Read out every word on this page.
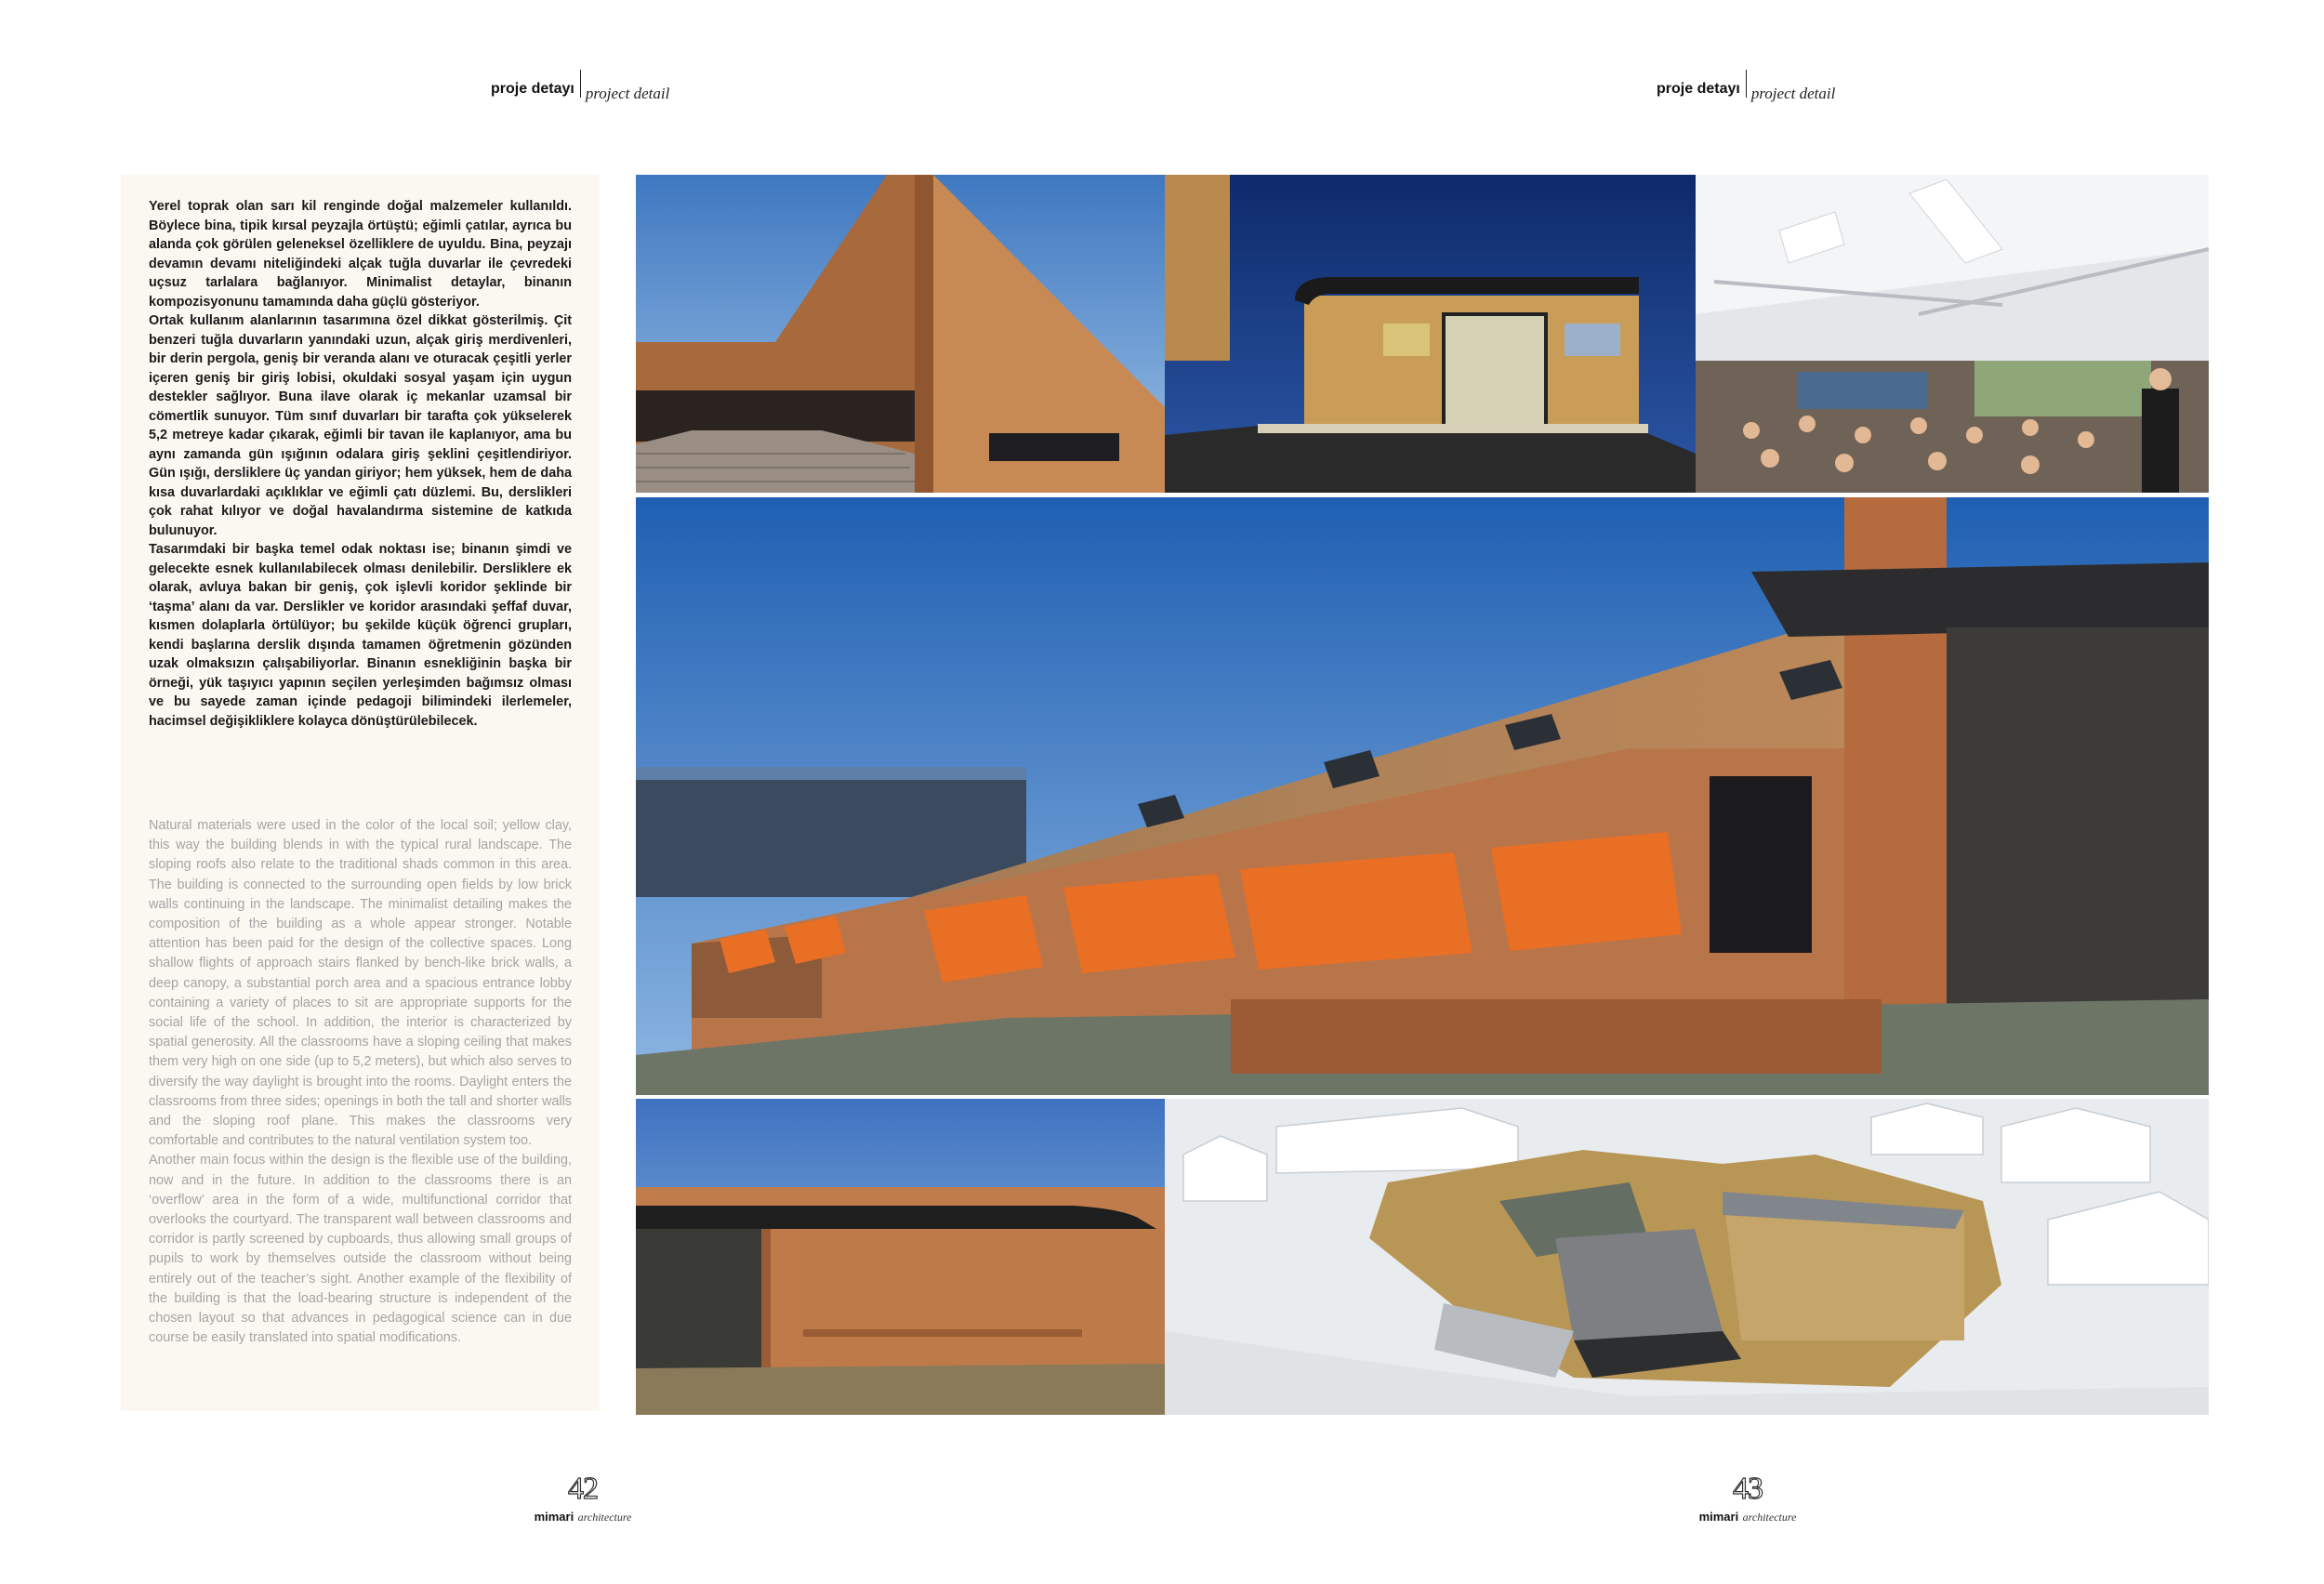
proje detayı project detail	proje detayı project detail

Yerel toprak olan sarı kil renginde doğal malzemeler kullanıldı. Böylece bina, tipik kırsal peyzajla örtüştü; eğimli çatılar, ayrıca bu alanda çok görülen geleneksel özelliklere de uyuldu. Bina, peyzajı devamın devamı niteliğindeki alçak tuğla duvarlar ile çevredeki uçsuz tarlalara bağlanıyor. Minimalist detaylar, binanın kompozisyonunu tamamında daha güçlü gösteriyor.

Ortak kullanım alanlarının tasarımına özel dikkat gösterilmiş. Çit benzeri tuğla duvarların yanındaki uzun, alçak giriş merdivenleri, bir derin pergola, geniş bir veranda alanı ve oturacak çeşitli yerler içeren geniş bir giriş lobisi, okuldaki sosyal yaşam için uygun destekler sağlıyor. Buna ilave olarak iç mekanlar uzamsal bir cömertlik sunuyor. Tüm sınıf duvarları bir tarafta çok yükselerek 5,2 metreye kadar çıkarak, eğimli bir tavan ile kaplanıyor, ama bu aynı zamanda gün ışığının odalara giriş şeklini çeşitlendiriyor. Gün ışığı, dersliklere üç yandan giriyor; hem yüksek, hem de daha kısa duvarlardaki açıklıklar ve eğimli çatı düzlemi. Bu, derslikleri çok rahat kılıyor ve doğal havalandırma sistemine de katkıda bulunuyor.

Tasarımdaki bir başka temel odak noktası ise; binanın şimdi ve gelecekte esnek kullanılabilecek olması denilebilir. Dersliklere ek olarak, avluya bakan bir geniş, çok işlevli koridor şeklinde bir ‘taşma’ alanı da var. Derslikler ve koridor arasındaki şeffaf duvar, kısmen dolaplarla örtülüyor; bu şekilde küçük öğrenci grupları, kendi başlarına derslik dışında tamamen öğretmenin gözünden uzak olmaksızın çalışabiliyorlar. Binanın esnekliğinin başka bir örneği, yük taşıyıcı yapının seçilen yerleşimden bağımsız olması ve bu sayede zaman içinde pedagoji bilimindeki ilerlemeler, hacimsel değişikliklere kolayca dönüştürülebilecek.

Natural materials were used in the color of the local soil; yellow clay, this way the building blends in with the typical rural landscape. The sloping roofs also relate to the traditional shads common in this area. The building is connected to the surrounding open fields by low brick walls continuing in the landscape. The minimalist detailing makes the composition of the building as a whole appear stronger. Notable attention has been paid for the design of the collective spaces. Long shallow flights of approach stairs flanked by bench-like brick walls, a deep canopy, a substantial porch area and a spacious entrance lobby containing a variety of places to sit are appropriate supports for the social life of the school. In addition, the interior is characterized by spatial generosity. All the classrooms have a sloping ceiling that makes them very high on one side (up to 5,2 meters), but which also serves to diversify the way daylight is brought into the rooms. Daylight enters the classrooms from three sides; openings in both the tall and shorter walls and the sloping roof plane. This makes the classrooms very comfortable and contributes to the natural ventilation system too.

Another main focus within the design is the flexible use of the building, now and in the future. In addition to the classrooms there is an ‘overflow’ area in the form of a wide, multifunctional corridor that overlooks the courtyard. The transparent wall between classrooms and corridor is partly screened by cupboards, thus allowing small groups of pupils to work by themselves outside the classroom without being entirely out of the teacher’s sight. Another example of the flexibility of the building is that the load-bearing structure is independent of the chosen layout so that advances in pedagogical science can in due course be easily translated into spatial modifications.

42
mimari architecture
43
mimari architecture
